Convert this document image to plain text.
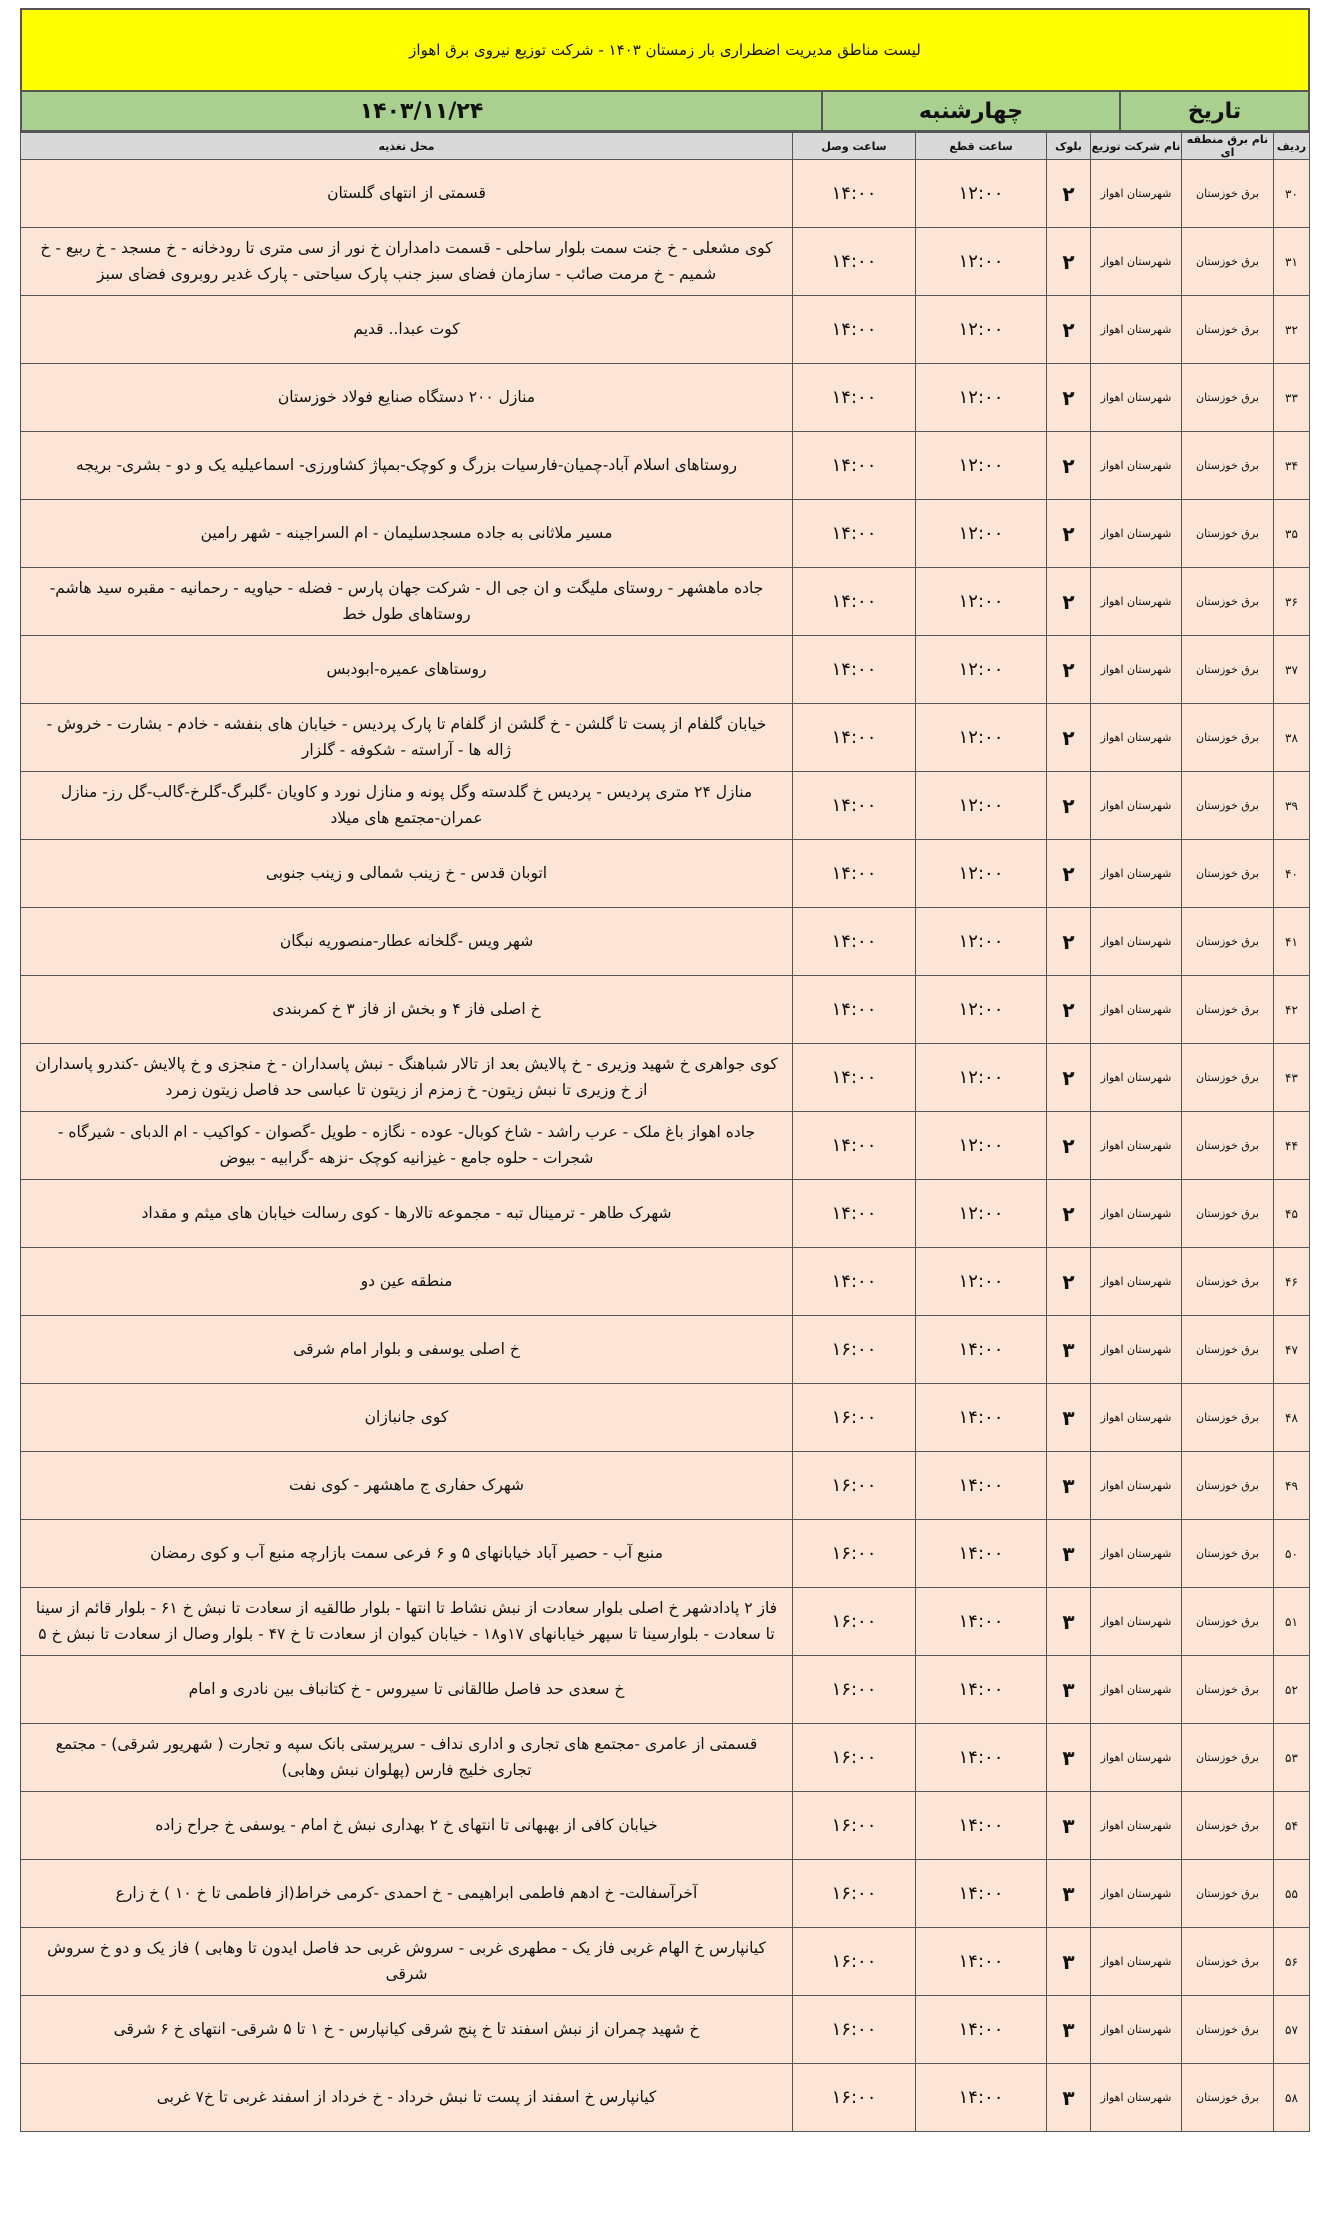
لیست مناطق مدیریت اضطراری بار زمستان ۱۴۰۳ - شرکت توزیع نیروی برق اهواز
تاریخ
چهارشنبه
۱۴۰۳/۱۱/۲۴
ردیف	نام برق منطقه ای	نام شرکت توزیع	بلوک	ساعت قطع	ساعت وصل	محل تغذیه
۳۰	برق خوزستان	شهرستان اهواز	۲	۱۲:۰۰	۱۴:۰۰	قسمتی از انتهای گلستان
۳۱	برق خوزستان	شهرستان اهواز	۲	۱۲:۰۰	۱۴:۰۰	کوی مشعلی - خ جنت سمت بلوار ساحلی - قسمت دامداران خ نور از سی متری تا رودخانه - خ مسجد - خ ربیع - خ شمیم - خ مرمت صائب - سازمان فضای سبز جنب پارک سیاحتی - پارک غدیر روبروی فضای سبز
۳۲	برق خوزستان	شهرستان اهواز	۲	۱۲:۰۰	۱۴:۰۰	کوت عبدا.. قدیم
۳۳	برق خوزستان	شهرستان اهواز	۲	۱۲:۰۰	۱۴:۰۰	منازل ۲۰۰ دستگاه صنایع فولاد خوزستان
۳۴	برق خوزستان	شهرستان اهواز	۲	۱۲:۰۰	۱۴:۰۰	روستاهای اسلام آباد-چمیان-فارسیات بزرگ و کوچک-بمپاژ کشاورزی- اسماعیلیه یک و دو - بشری- بریجه
۳۵	برق خوزستان	شهرستان اهواز	۲	۱۲:۰۰	۱۴:۰۰	مسیر ملاثانی به جاده مسجدسلیمان - ام السراجینه - شهر رامین
۳۶	برق خوزستان	شهرستان اهواز	۲	۱۲:۰۰	۱۴:۰۰	جاده ماهشهر - روستای ملیگت و ان جی ال - شرکت جهان پارس - فضله - حیاویه - رحمانیه - مقبره سید هاشم- روستاهای طول خط
۳۷	برق خوزستان	شهرستان اهواز	۲	۱۲:۰۰	۱۴:۰۰	روستاهای عمیره-ابودبس
۳۸	برق خوزستان	شهرستان اهواز	۲	۱۲:۰۰	۱۴:۰۰	خیابان گلفام از پست تا گلشن - خ گلشن از گلفام تا پارک پردیس - خیابان های بنفشه - خادم - بشارت - خروش - ژاله ها - آراسته - شکوفه - گلزار
۳۹	برق خوزستان	شهرستان اهواز	۲	۱۲:۰۰	۱۴:۰۰	منازل ۲۴ متری پردیس - پردیس خ گلدسته وگل پونه و منازل نورد و کاویان -گلبرگ-گلرخ-گالب-گل رز- منازل عمران-مجتمع های میلاد
۴۰	برق خوزستان	شهرستان اهواز	۲	۱۲:۰۰	۱۴:۰۰	اتوبان قدس - خ زینب شمالی و زینب جنوبی
۴۱	برق خوزستان	شهرستان اهواز	۲	۱۲:۰۰	۱۴:۰۰	شهر ویس -گلخانه عطار-منصوریه نبگان
۴۲	برق خوزستان	شهرستان اهواز	۲	۱۲:۰۰	۱۴:۰۰	خ اصلی فاز ۴ و بخش از فاز ۳ خ کمربندی
۴۳	برق خوزستان	شهرستان اهواز	۲	۱۲:۰۰	۱۴:۰۰	کوی جواهری خ شهید وزیری - خ پالایش بعد از تالار شباهنگ - نبش پاسداران - خ منجزی و خ پالایش -کندرو پاسداران از خ وزیری تا نبش زیتون- خ زمزم از زیتون تا عباسی حد فاصل زیتون زمرد
۴۴	برق خوزستان	شهرستان اهواز	۲	۱۲:۰۰	۱۴:۰۰	جاده اهواز باغ ملک - عرب راشد - شاخ کوبال- عوده - نگازه - طویل -گصوان - کواکیب - ام الدبای - شیرگاه - شجرات - حلوه جامع - غیزانیه کوچک -نزهه -گرابیه - بیوض
۴۵	برق خوزستان	شهرستان اهواز	۲	۱۲:۰۰	۱۴:۰۰	شهرک طاهر - ترمینال تبه - مجموعه تالارها - کوی رسالت خیابان های میثم و مقداد
۴۶	برق خوزستان	شهرستان اهواز	۲	۱۲:۰۰	۱۴:۰۰	منطقه عین دو
۴۷	برق خوزستان	شهرستان اهواز	۳	۱۴:۰۰	۱۶:۰۰	خ اصلی یوسفی و بلوار امام شرقی
۴۸	برق خوزستان	شهرستان اهواز	۳	۱۴:۰۰	۱۶:۰۰	کوی جانبازان
۴۹	برق خوزستان	شهرستان اهواز	۳	۱۴:۰۰	۱۶:۰۰	شهرک حفاری ج ماهشهر - کوی نفت
۵۰	برق خوزستان	شهرستان اهواز	۳	۱۴:۰۰	۱۶:۰۰	منبع آب - حصیر آباد خیابانهای ۵ و ۶ فرعی سمت بازارچه منبع آب و کوی رمضان
۵۱	برق خوزستان	شهرستان اهواز	۳	۱۴:۰۰	۱۶:۰۰	فاز ۲ پادادشهر خ اصلی بلوار سعادت از نبش نشاط تا انتها - بلوار طالقیه از سعادت تا نبش خ ۶۱ - بلوار قائم از سینا تا سعادت - بلوارسینا تا سپهر خیابانهای ۱۷و۱۸ - خیابان کیوان از سعادت تا خ ۴۷ - بلوار وصال از سعادت تا نبش خ ۵
۵۲	برق خوزستان	شهرستان اهواز	۳	۱۴:۰۰	۱۶:۰۰	خ سعدی حد فاصل طالقانی تا سیروس - خ کتانباف بین نادری و امام
۵۳	برق خوزستان	شهرستان اهواز	۳	۱۴:۰۰	۱۶:۰۰	قسمتی از عامری -مجتمع های تجاری و اداری نداف - سرپرستی بانک سپه و تجارت ( شهریور شرقی) - مجتمع تجاری خلیج فارس (پهلوان نبش وهابی)
۵۴	برق خوزستان	شهرستان اهواز	۳	۱۴:۰۰	۱۶:۰۰	خیابان کافی از بهبهانی تا انتهای خ ۲ بهداری نبش خ امام - یوسفی خ جراح زاده
۵۵	برق خوزستان	شهرستان اهواز	۳	۱۴:۰۰	۱۶:۰۰	آخرآسفالت- خ ادهم فاطمی ابراهیمی - خ احمدی -کرمی خراط(از فاطمی تا خ ۱۰ ) خ زارع
۵۶	برق خوزستان	شهرستان اهواز	۳	۱۴:۰۰	۱۶:۰۰	کیانپارس خ الهام غربی فاز یک - مطهری غربی - سروش غربی حد فاصل ایدون تا وهابی ) فاز یک و دو خ سروش شرقی
۵۷	برق خوزستان	شهرستان اهواز	۳	۱۴:۰۰	۱۶:۰۰	خ شهید چمران از نبش اسفند تا خ پنج شرقی کیانپارس - خ ۱ تا ۵ شرقی- انتهای خ ۶ شرقی
۵۸	برق خوزستان	شهرستان اهواز	۳	۱۴:۰۰	۱۶:۰۰	کیانپارس خ اسفند از پست تا نبش خرداد - خ خرداد از اسفند غربی تا خ۷ غربی
